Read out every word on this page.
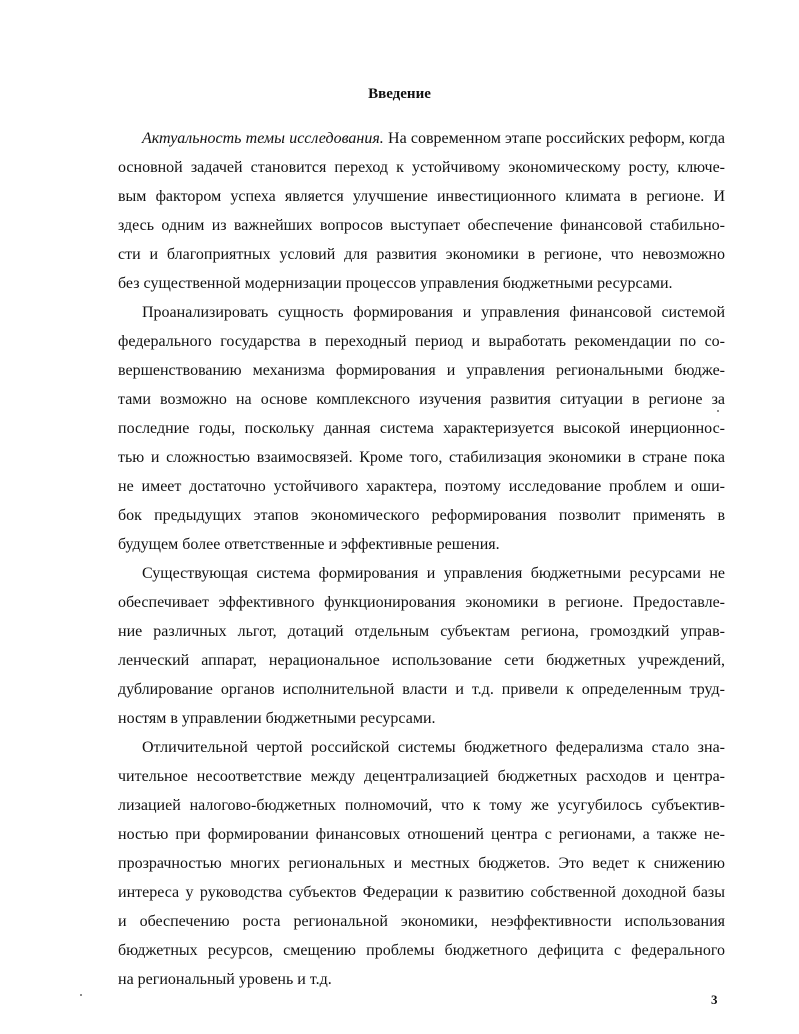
Введение
Актуальность темы исследования. На современном этапе российских реформ, когда
основной задачей становится переход к устойчивому экономическому росту, ключе-
вым фактором успеха является улучшение инвестиционного климата в регионе. И
здесь одним из важнейших вопросов выступает обеспечение финансовой стабильно-
сти и благоприятных условий для развития экономики в регионе, что невозможно
без существенной модернизации процессов управления бюджетными ресурсами.
Проанализировать сущность формирования и управления финансовой системой
федерального государства в переходный период и выработать рекомендации по со-
вершенствованию механизма формирования и управления региональными бюдже-
тами возможно на основе комплексного изучения развития ситуации в регионе за
последние годы, поскольку данная система характеризуется высокой инерционнос-
тью и сложностью взаимосвязей. Кроме того, стабилизация экономики в стране пока
не имеет достаточно устойчивого характера, поэтому исследование проблем и оши-
бок предыдущих этапов экономического реформирования позволит применять в
будущем более ответственные и эффективные решения.
Существующая система формирования и управления бюджетными ресурсами не
обеспечивает эффективного функционирования экономики в регионе. Предоставле-
ние различных льгот, дотаций отдельным субъектам региона, громоздкий управ-
ленческий аппарат, нерациональное использование сети бюджетных учреждений,
дублирование органов исполнительной власти и т.д. привели к определенным труд-
ностям в управлении бюджетными ресурсами.
Отличительной чертой российской системы бюджетного федерализма стало зна-
чительное несоответствие между децентрализацией бюджетных расходов и центра-
лизацией налогово-бюджетных полномочий, что к тому же усугубилось субъектив-
ностью при формировании финансовых отношений центра с регионами, а также не-
прозрачностью многих региональных и местных бюджетов. Это ведет к снижению
интереса у руководства субъектов Федерации к развитию собственной доходной базы
и обеспечению роста региональной экономики, неэффективности использования
бюджетных ресурсов, смещению проблемы бюджетного дефицита с федерального
на региональный уровень и т.д.
3
